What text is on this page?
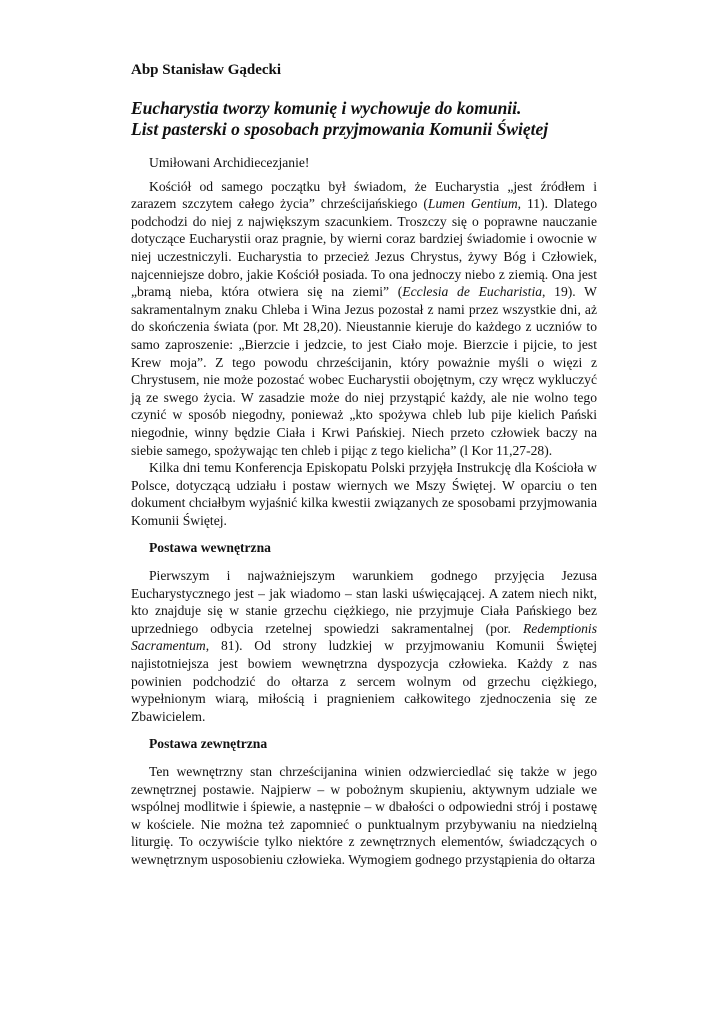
Abp Stanisław Gądecki
Eucharystia tworzy komunię i wychowuje do komunii.
List pasterski o sposobach przyjmowania Komunii Świętej

Umiłowani Archidiecezjanie!

Kościół od samego początku był świadom, że Eucharystia „jest źródłem i zarazem szczytem całego życia” chrześcijańskiego (Lumen Gentium, 11). Dlatego podchodzi do niej z największym szacunkiem. Troszczy się o poprawne nauczanie dotyczące Eucharystii oraz pragnie, by wierni coraz bardziej świadomie i owocnie w niej uczestniczyli. Eucharystia to przecież Jezus Chrystus, żywy Bóg i Człowiek, najcenniejsze dobro, jakie Kościół posiada. To ona jednoczy niebo z ziemią. Ona jest „bramą nieba, która otwiera się na ziemi” (Ecclesia de Eucharistia, 19). W sakramentalnym znaku Chleba i Wina Jezus pozostał z nami przez wszystkie dni, aż do skończenia świata (por. Mt 28,20). Nieustannie kieruje do każdego z uczniów to samo zaproszenie: „Bierzcie i jedzcie, to jest Ciało moje. Bierzcie i pijcie, to jest Krew moja”. Z tego powodu chrześcijanin, który poważnie myśli o więzi z Chrystusem, nie może pozostać wobec Eucharystii obojętnym, czy wręcz wykluczyć ją ze swego życia. W zasadzie może do niej przystąpić każdy, ale nie wolno tego czynić w sposób niegodny, ponieważ „kto spożywa chleb lub pije kielich Pański niegodnie, winny będzie Ciała i Krwi Pańskiej. Niech przeto człowiek baczy na siebie samego, spożywając ten chleb i pijąc z tego kielicha” (l Kor 11,27-28).

Kilka dni temu Konferencja Episkopatu Polski przyjęła Instrukcję dla Kościoła w Polsce, dotyczącą udziału i postaw wiernych we Mszy Świętej. W oparciu o ten dokument chciałbym wyjaśnić kilka kwestii związanych ze sposobami przyjmowania Komunii Świętej.

Postawa wewnętrzna

Pierwszym i najważniejszym warunkiem godnego przyjęcia Jezusa Eucharystycznego jest – jak wiadomo – stan laski uświęcającej. A zatem niech nikt, kto znajduje się w stanie grzechu ciężkiego, nie przyjmuje Ciała Pańskiego bez uprzedniego odbycia rzetelnej spowiedzi sakramentalnej (por. Redemptionis Sacramentum, 81). Od strony ludzkiej w przyjmowaniu Komunii Świętej najistotniejsza jest bowiem wewnętrzna dyspozycja człowieka. Każdy z nas powinien podchodzić do ołtarza z sercem wolnym od grzechu ciężkiego, wypełnionym wiarą, miłością i pragnieniem całkowitego zjednoczenia się ze Zbawicielem.

Postawa zewnętrzna

Ten wewnętrzny stan chrześcijanina winien odzwierciedlać się także w jego zewnętrznej postawie. Najpierw – w pobożnym skupieniu, aktywnym udziale we wspólnej modlitwie i śpiewie, a następnie – w dbałości o odpowiedni strój i postawę w kościele. Nie można też zapomnieć o punktualnym przybywaniu na niedzielną liturgię. To oczywiście tylko niektóre z zewnętrznych elementów, świadczących o wewnętrznym usposobieniu człowieka. Wymogiem godnego przystąpienia do ołtarza
